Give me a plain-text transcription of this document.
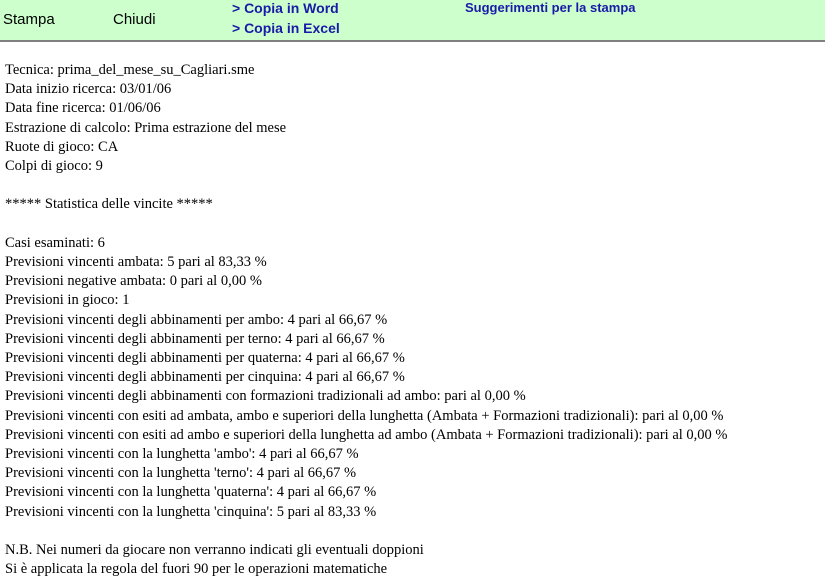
Stampa	Chiudi
> Copia in Word
> Copia in Excel
Suggerimenti per la stampa
Tecnica: prima_del_mese_su_Cagliari.sme
Data inizio ricerca: 03/01/06
Data fine ricerca: 01/06/06
Estrazione di calcolo: Prima estrazione del mese
Ruote di gioco: CA
Colpi di gioco: 9
***** Statistica delle vincite *****
Casi esaminati: 6
Previsioni vincenti ambata: 5 pari al 83,33 %
Previsioni negative ambata: 0 pari al 0,00 %
Previsioni in gioco: 1
Previsioni vincenti degli abbinamenti per ambo: 4 pari al 66,67 %
Previsioni vincenti degli abbinamenti per terno: 4 pari al 66,67 %
Previsioni vincenti degli abbinamenti per quaterna: 4 pari al 66,67 %
Previsioni vincenti degli abbinamenti per cinquina: 4 pari al 66,67 %
Previsioni vincenti degli abbinamenti con formazioni tradizionali ad ambo: pari al 0,00 %
Previsioni vincenti con esiti ad ambata, ambo e superiori della lunghetta (Ambata + Formazioni tradizionali): pari al 0,00 %
Previsioni vincenti con esiti ad ambo e superiori della lunghetta ad ambo (Ambata + Formazioni tradizionali): pari al 0,00 %
Previsioni vincenti con la lunghetta 'ambo': 4 pari al 66,67 %
Previsioni vincenti con la lunghetta 'terno': 4 pari al 66,67 %
Previsioni vincenti con la lunghetta 'quaterna': 4 pari al 66,67 %
Previsioni vincenti con la lunghetta 'cinquina': 5 pari al 83,33 %
N.B. Nei numeri da giocare non verranno indicati gli eventuali doppioni
Si è applicata la regola del fuori 90 per le operazioni matematiche
